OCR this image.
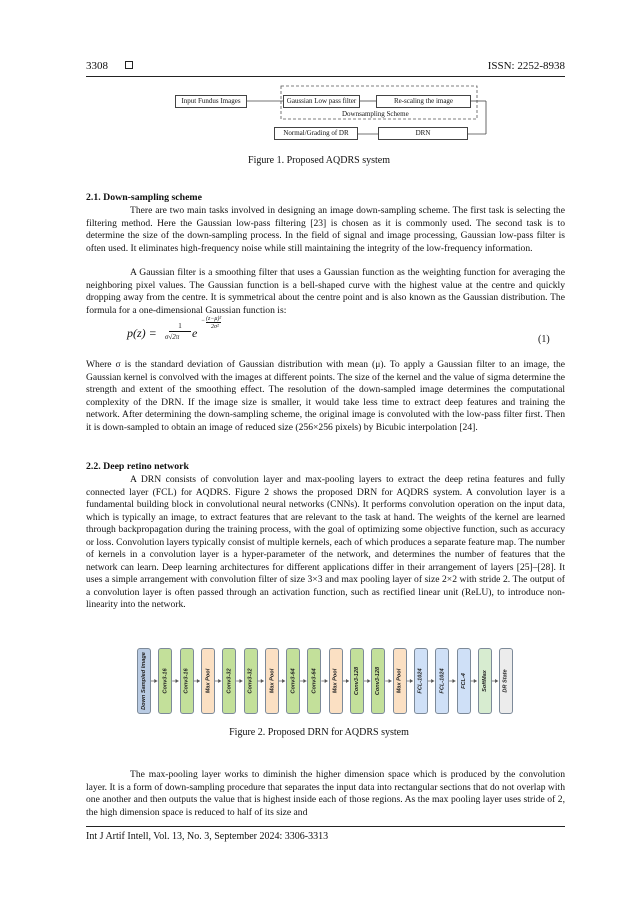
3308	ISSN: 2252-8938
Input Fundus Images	Gaussian Low pass filter	Re-scaling the image
Downsampling Scheme
Normal/Grading of DR	DRN
Figure 1. Proposed AQDRS system

2.1. Down-sampling scheme

There are two main tasks involved in designing an image down-sampling scheme. The first task is selecting the filtering method. Here the Gaussian low-pass filtering [23] is chosen as it is commonly used. The second task is to determine the size of the down-sampling process. In the field of signal and image processing, Gaussian low-pass filter is often used. It eliminates high-frequency noise while still maintaining the integrity of the low-frequency information.

A Gaussian filter is a smoothing filter that uses a Gaussian function as the weighting function for averaging the neighboring pixel values. The Gaussian function is a bell-shaped curve with the highest value at the centre and quickly dropping away from the centre. It is symmetrical about the centre point and is also known as the Gaussian distribution. The formula for a one-dimensional Gaussian function is:

p(z) =	1
σ√2π e
− (z−μ)²
2σ²
(1)

Where σ is the standard deviation of Gaussian distribution with mean (μ). To apply a Gaussian filter to an image, the Gaussian kernel is convolved with the images at different points. The size of the kernel and the value of sigma determine the strength and extent of the smoothing effect. The resolution of the down-sampled image determines the computational complexity of the DRN. If the image size is smaller, it would take less time to extract deep features and training the network. After determining the down-sampling scheme, the original image is convoluted with the low-pass filter first. Then it is down-sampled to obtain an image of reduced size (256×256 pixels) by Bicubic interpolation [24].

2.2. Deep retino network

A DRN consists of convolution layer and max-pooling layers to extract the deep retina features and fully connected layer (FCL) for AQDRS. Figure 2 shows the proposed DRN for AQDRS system. A convolution layer is a fundamental building block in convolutional neural networks (CNNs). It performs convolution operation on the input data, which is typically an image, to extract features that are relevant to the task at hand. The weights of the kernel are learned through backpropagation during the training process, with the goal of optimizing some objective function, such as accuracy or loss. Convolution layers typically consist of multiple kernels, each of which produces a separate feature map. The number of kernels in a convolution layer is a hyper-parameter of the network, and determines the number of features that the network can learn. Deep learning architectures for different applications differ in their arrangement of layers [25]–[28]. It uses a simple arrangement with convolution filter of size 3×3 and max pooling layer of size 2×2 with stride 2. The output of a convolution layer is often passed through an activation function, such as rectified linear unit (ReLU), to introduce non-linearity into the network.

Down Sampled Image	Conv3-16	Conv3-16	Max Pool	Conv3-32	Conv3-32	Max Pool	Conv3-64	Conv3-64	Max Pool	Conv3-128	Conv3-128	Max Pool	FCL-1024	FCL-1024	FCL-4	SoftMax	DR State
Figure 2. Proposed DRN for AQDRS system

The max-pooling layer works to diminish the higher dimension space which is produced by the convolution layer. It is a form of down-sampling procedure that separates the input data into rectangular sections that do not overlap with one another and then outputs the value that is highest inside each of those regions. As the max pooling layer uses stride of 2, the high dimension space is reduced to half of its size and

Int J Artif Intell, Vol. 13, No. 3, September 2024: 3306-3313
